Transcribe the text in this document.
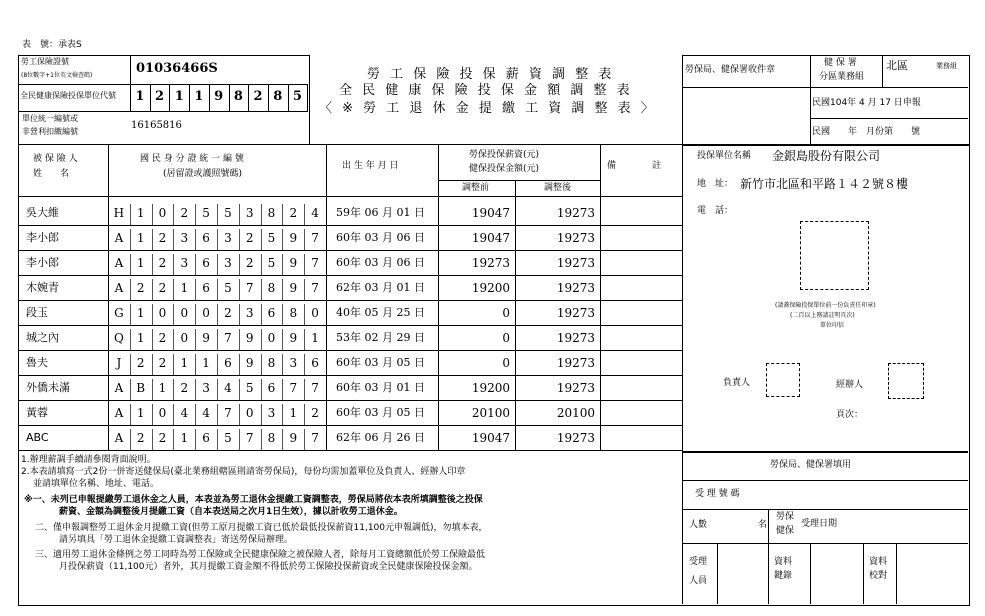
表　號：承表S
勞工保險證號
(8位數字+1位英文檢查碼)	01036466S
全民健康保險投保單位代號	1 2 1 1 9 8 2 8 5
單位統一編號或
非營利扣繳編號
16165816
勞 工 保 險 投 保 薪 資 調 整 表
全 民 健 康 保 險 投 保 金 額 調 整 表
〈 ※ 勞 工 退 休 金 提 繳 工 資 調 整 表 〉
勞保局、健保署收件章
健 保 署
分區業務組
北區	業務組
民國104年 4 月 17 日申報
民國　　年　月份第　　號
被 保 險 人
姓　　名
國 民 身 分 證 統 一 編 號
(居留證或護照號碼)
出 生 年 月 日
勞保投保薪資(元)
健保投保金額(元)
調整前	調整後
備　　　　註
吳大維	H	1	0	2	5	5	3	8	2	4	59年 06 月 01 日	19047	19273
李小郎	A	1	2	3	6	3	2	5	9	7	60年 03 月 06 日	19047	19273
李小郎	A	1	2	3	6	3	2	5	9	7	60年 03 月 06 日	19273	19273
木婉青	A	2	2	1	6	5	7	8	9	7	62年 03 月 01 日	19200	19273
段玉	G	1	0	0	0	2	3	6	8	0	40年 05 月 25 日	0	19273
城之內	Q	1	2	0	9	7	9	0	9	1	53年 02 月 29 日	0	19273
魯夫	J	2	2	1	1	6	9	8	3	6	60年 03 月 05 日	0	19273
外僑未滿	A	B	1	2	3	4	5	6	7	7	60年 03 月 01 日	19200	19273
黃蓉	A	1	0	4	4	7	0	3	1	2	60年 03 月 05 日	20100	20100
ABC	A	2	2	1	6	5	7	8	9	7	62年 06 月 26 日	19047	19273
投保單位名稱 金銀島股份有限公司
地　址： 新竹市北區和平路１４２號８樓
電　話：
(請蓋保險投保單位前一份負責任印章)
(二百以上務請註明頁次)
單位印信
負責人	經辦人
頁次：
1.辦理薪調手續請參閱背面說明。
2.本表請填寫一式2份一併寄送健保局(臺北業務組轄區則請寄勞保局)，每份均需加蓋單位及負責人、經辦人印章
並請填單位名稱、地址、電話。
※一、未列已申報提繳勞工退休金之人員，本表並為勞工退休金提繳工資調整表，勞保局將依本表所填調整後之投保
薪資、金額為調整後月提繳工資（自本表送局之次月1日生效），據以計收勞工退休金。
二、僅申報調整勞工退休金月提繳工資(但勞工原月提繳工資已低於最低投保薪資11,100元申報調低)，勿填本表，
請另填具「勞工退休金提繳工資調整表」寄送勞保局辦理。
三、適用勞工退休金條例之勞工同時為勞工保險或全民健康保險之被保險人者，除每月工資總額低於勞工保險最低
月投保薪資（11,100元）者外，其月提繳工資金額不得低於勞工保險投保薪資或全民健康保險投保金額。
勞保局、健保署填用
受 理 號 碼
人數	名
勞保
健保
受理日期
受理
人員
資料
鍵錄
資料
校對
